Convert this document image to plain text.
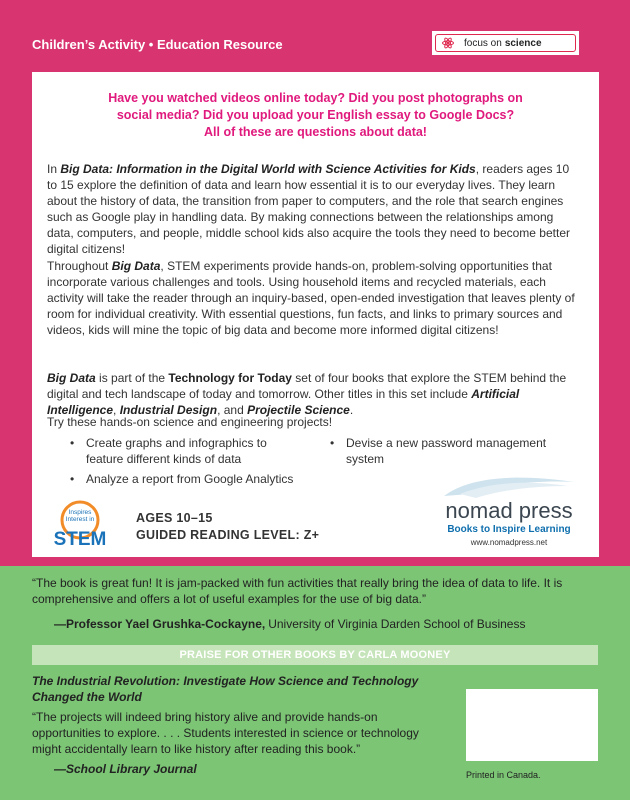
Children’s Activity • Education Resource	focus on science
Have you watched videos online today? Did you post photographs on
social media? Did you upload your English essay to Google Docs?
All of these are questions about data!
In Big Data: Information in the Digital World with Science Activities for Kids, readers ages 10 to 15 explore the definition of data and learn how essential it is to our everyday lives. They learn about the history of data, the transition from paper to computers, and the role that search engines such as Google play in handling data. By making connections between the relationships among data, computers, and people, middle school kids also acquire the tools they need to become better digital citizens!
Throughout Big Data, STEM experiments provide hands-on, problem-solving opportunities that incorporate various challenges and tools. Using household items and recycled materials, each activity will take the reader through an inquiry-based, open-ended investigation that leaves plenty of room for individual creativity. With essential questions, fun facts, and links to primary sources and videos, kids will mine the topic of big data and become more informed digital citizens!
Big Data is part of the Technology for Today set of four books that explore the STEM behind the digital and tech landscape of today and tomorrow. Other titles in this set include Artificial Intelligence, Industrial Design, and Projectile Science.
Try these hands-on science and engineering projects!
• Create graphs and infographics to feature different kinds of data
• Devise a new password management system
• Analyze a report from Google Analytics
Inspires
Interest in
STEM
AGES 10–15
GUIDED READING LEVEL: Z+
nomad press
Books to Inspire Learning
www.nomadpress.net
“The book is great fun! It is jam-packed with fun activities that really bring the idea of data to life. It is comprehensive and offers a lot of useful examples for the use of big data.”
—Professor Yael Grushka-Cockayne, University of Virginia Darden School of Business
PRAISE FOR OTHER BOOKS BY CARLA MOONEY
The Industrial Revolution: Investigate How Science and Technology Changed the World
“The projects will indeed bring history alive and provide hands-on opportunities to explore. . . . Students interested in science or technology might accidentally learn to like history after reading this book.”
—School Library Journal	Printed in Canada.
